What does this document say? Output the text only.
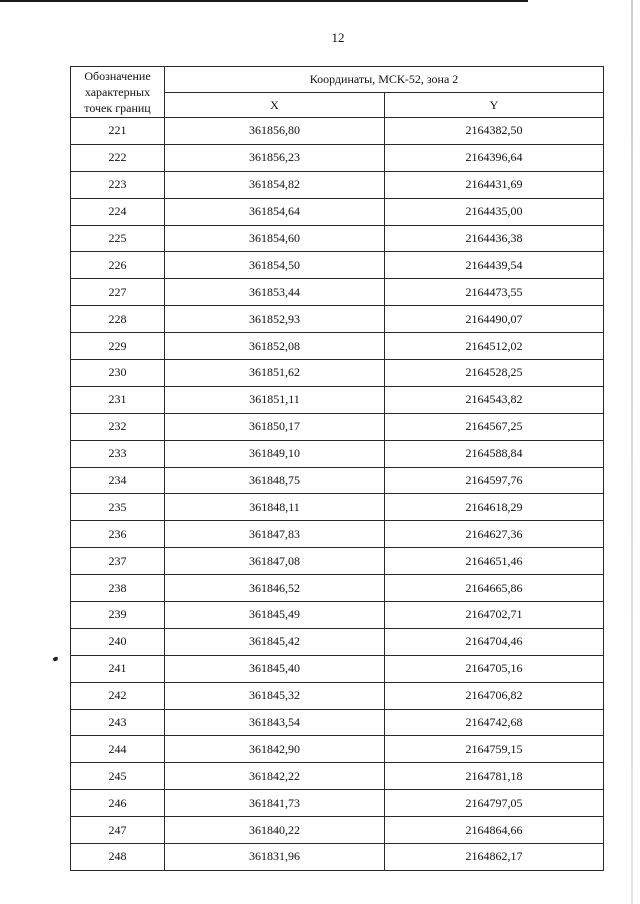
12
Обозначение
характерных
точек границ	Координаты, МСК-52, зона 2	
	X	Y
221	361856,80	2164382,50
222	361856,23	2164396,64
223	361854,82	2164431,69
224	361854,64	2164435,00
225	361854,60	2164436,38
226	361854,50	2164439,54
227	361853,44	2164473,55
228	361852,93	2164490,07
229	361852,08	2164512,02
230	361851,62	2164528,25
231	361851,11	2164543,82
232	361850,17	2164567,25
233	361849,10	2164588,84
234	361848,75	2164597,76
235	361848,11	2164618,29
236	361847,83	2164627,36
237	361847,08	2164651,46
238	361846,52	2164665,86
239	361845,49	2164702,71
240	361845,42	2164704,46
241	361845,40	2164705,16
242	361845,32	2164706,82
243	361843,54	2164742,68
244	361842,90	2164759,15
245	361842,22	2164781,18
246	361841,73	2164797,05
247	361840,22	2164864,66
248	361831,96	2164862,17
